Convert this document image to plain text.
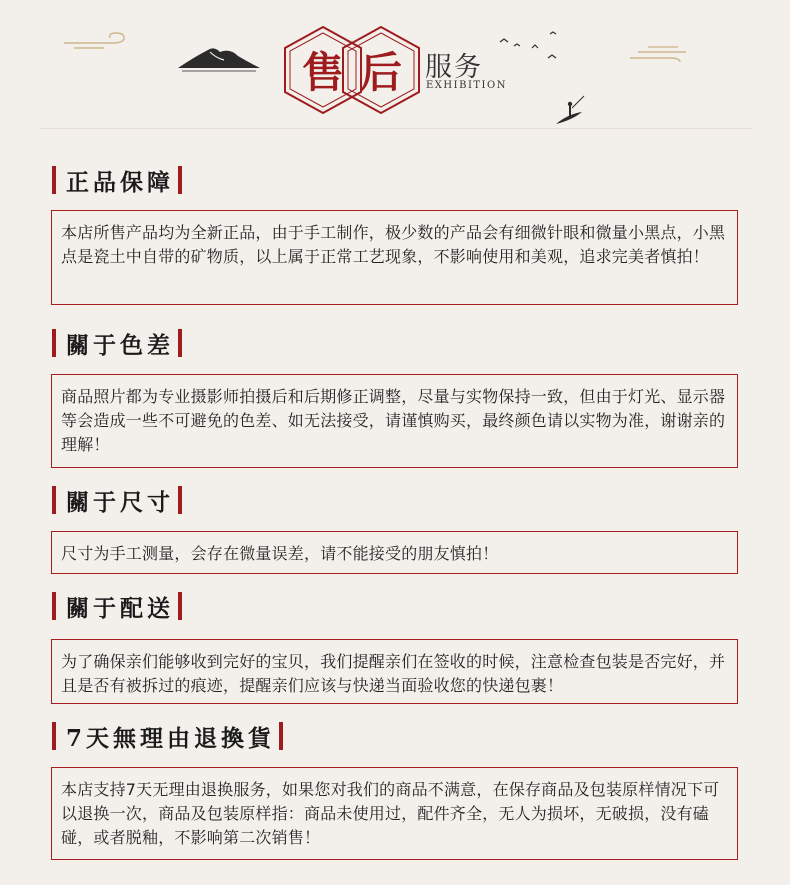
售 后 服务
EXHIBITION
正品保障
本店所售产品均为全新正品，由于手工制作，极少数的产品会有细微针眼和微量小黑点，小黑点是瓷土中自带的矿物质，以上属于正常工艺现象，不影响使用和美观，追求完美者慎拍！
關于色差
商品照片都为专业摄影师拍摄后和后期修正调整，尽量与实物保持一致，但由于灯光、显示器等会造成一些不可避免的色差、如无法接受，请谨慎购买，最终颜色请以实物为准，谢谢亲的理解！
關于尺寸
尺寸为手工测量，会存在微量误差，请不能接受的朋友慎拍！
關于配送
为了确保亲们能够收到完好的宝贝，我们提醒亲们在签收的时候，注意检查包装是否完好，并且是否有被拆过的痕迹，提醒亲们应该与快递当面验收您的快递包裹！
7天無理由退換貨
本店支持7天无理由退换服务，如果您对我们的商品不满意，在保存商品及包装原样情况下可以退换一次，商品及包装原样指：商品未使用过，配件齐全，无人为损坏，无破损，没有磕碰，或者脱釉，不影响第二次销售！
